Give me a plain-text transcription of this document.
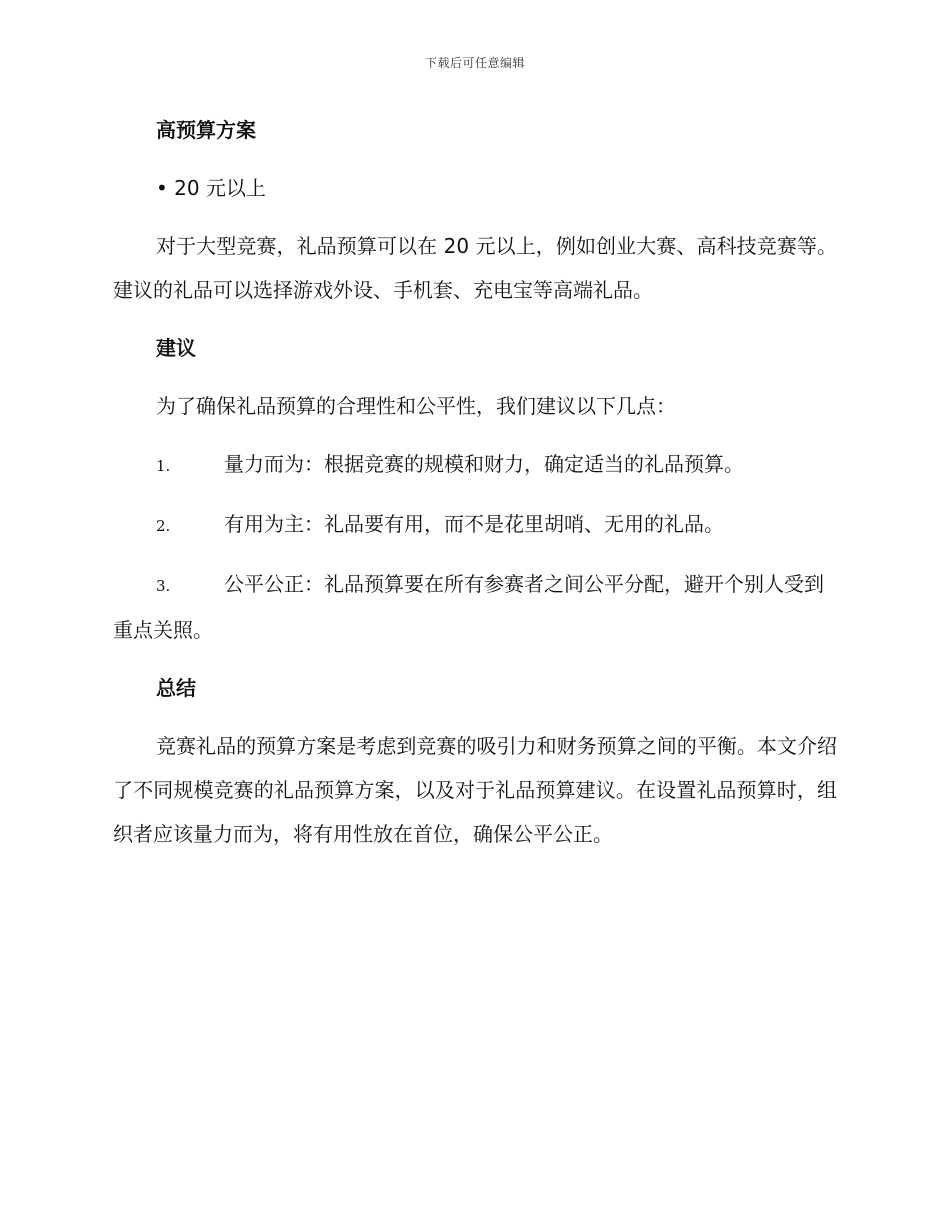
下载后可任意编辑
高预算方案
• 20 元以上
对于大型竞赛，礼品预算可以在 20 元以上，例如创业大赛、高科技竞赛等。建议的礼品可以选择游戏外设、手机套、充电宝等高端礼品。
建议
为了确保礼品预算的合理性和公平性，我们建议以下几点：
1.	量力而为：根据竞赛的规模和财力，确定适当的礼品预算。
2.	有用为主：礼品要有用，而不是花里胡哨、无用的礼品。
3.	公平公正：礼品预算要在所有参赛者之间公平分配，避开个别人受到重点关照。
总结
竞赛礼品的预算方案是考虑到竞赛的吸引力和财务预算之间的平衡。本文介绍了不同规模竞赛的礼品预算方案，以及对于礼品预算建议。在设置礼品预算时，组织者应该量力而为，将有用性放在首位，确保公平公正。
